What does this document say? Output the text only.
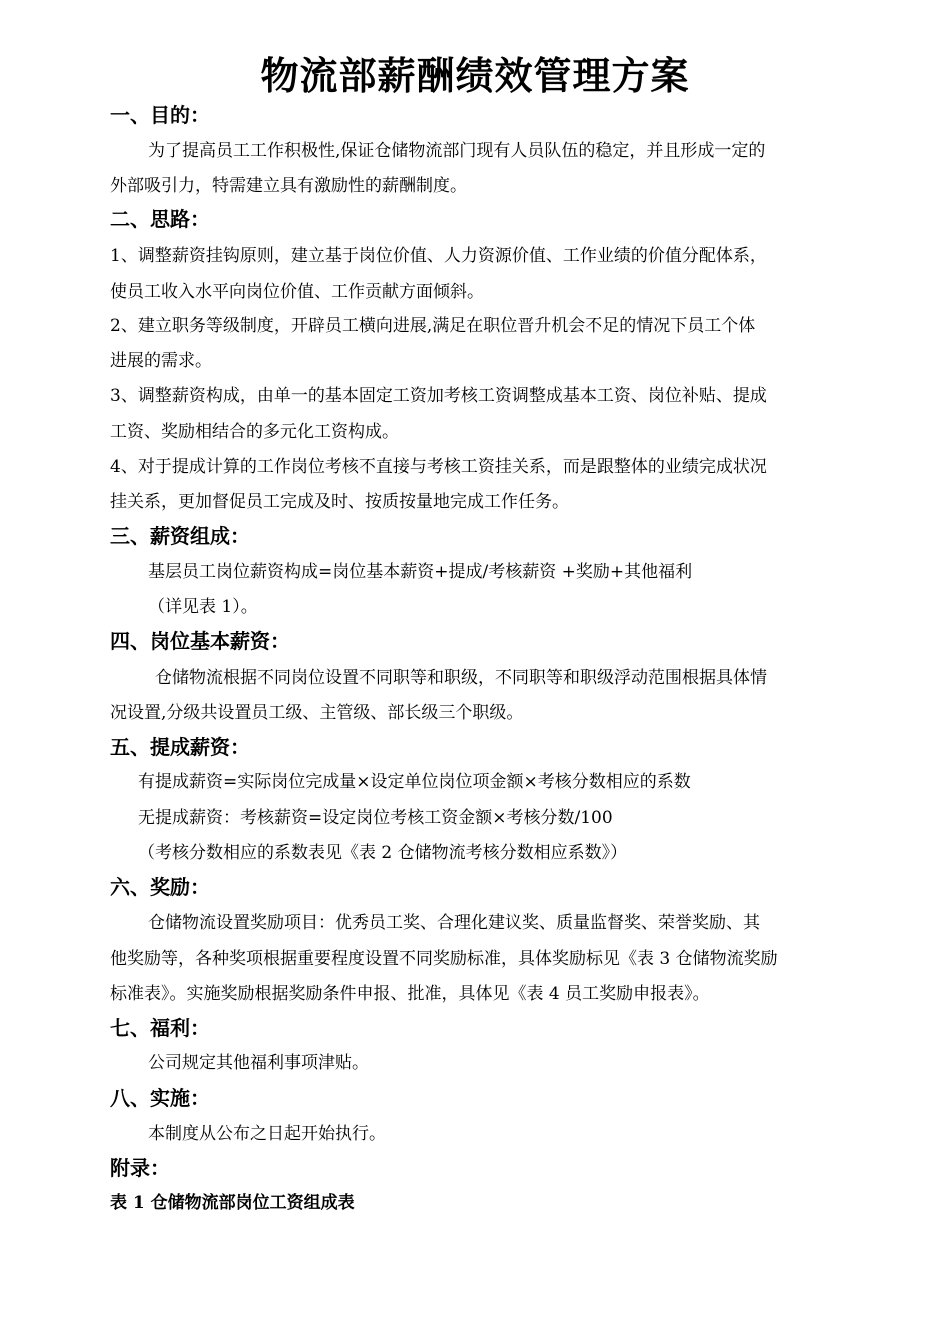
物流部薪酬绩效管理方案
一、目的：
为了提高员工工作积极性,保证仓储物流部门现有人员队伍的稳定，并且形成一定的
外部吸引力，特需建立具有激励性的薪酬制度。
二、思路：
1、调整薪资挂钩原则，建立基于岗位价值、人力资源价值、工作业绩的价值分配体系，
使员工收入水平向岗位价值、工作贡献方面倾斜。
2、建立职务等级制度，开辟员工横向进展,满足在职位晋升机会不足的情况下员工个体
进展的需求。
3、调整薪资构成，由单一的基本固定工资加考核工资调整成基本工资、岗位补贴、提成
工资、奖励相结合的多元化工资构成。
4、对于提成计算的工作岗位考核不直接与考核工资挂关系，而是跟整体的业绩完成状况
挂关系，更加督促员工完成及时、按质按量地完成工作任务。
三、薪资组成：
基层员工岗位薪资构成=岗位基本薪资+提成/考核薪资 +奖励+其他福利
（详见表 1）。
四、岗位基本薪资：
仓储物流根据不同岗位设置不同职等和职级，不同职等和职级浮动范围根据具体情
况设置,分级共设置员工级、主管级、部长级三个职级。
五、提成薪资：
有提成薪资=实际岗位完成量×设定单位岗位项金额×考核分数相应的系数
无提成薪资：考核薪资=设定岗位考核工资金额×考核分数/100
（考核分数相应的系数表见《表 2 仓储物流考核分数相应系数》）
六、奖励：
仓储物流设置奖励项目：优秀员工奖、合理化建议奖、质量监督奖、荣誉奖励、其
他奖励等，各种奖项根据重要程度设置不同奖励标准，具体奖励标见《表 3 仓储物流奖励
标准表》。实施奖励根据奖励条件申报、批准，具体见《表 4 员工奖励申报表》。
七、福利：
公司规定其他福利事项津贴。
八、实施：
本制度从公布之日起开始执行。
附录：
表 1 仓储物流部岗位工资组成表
